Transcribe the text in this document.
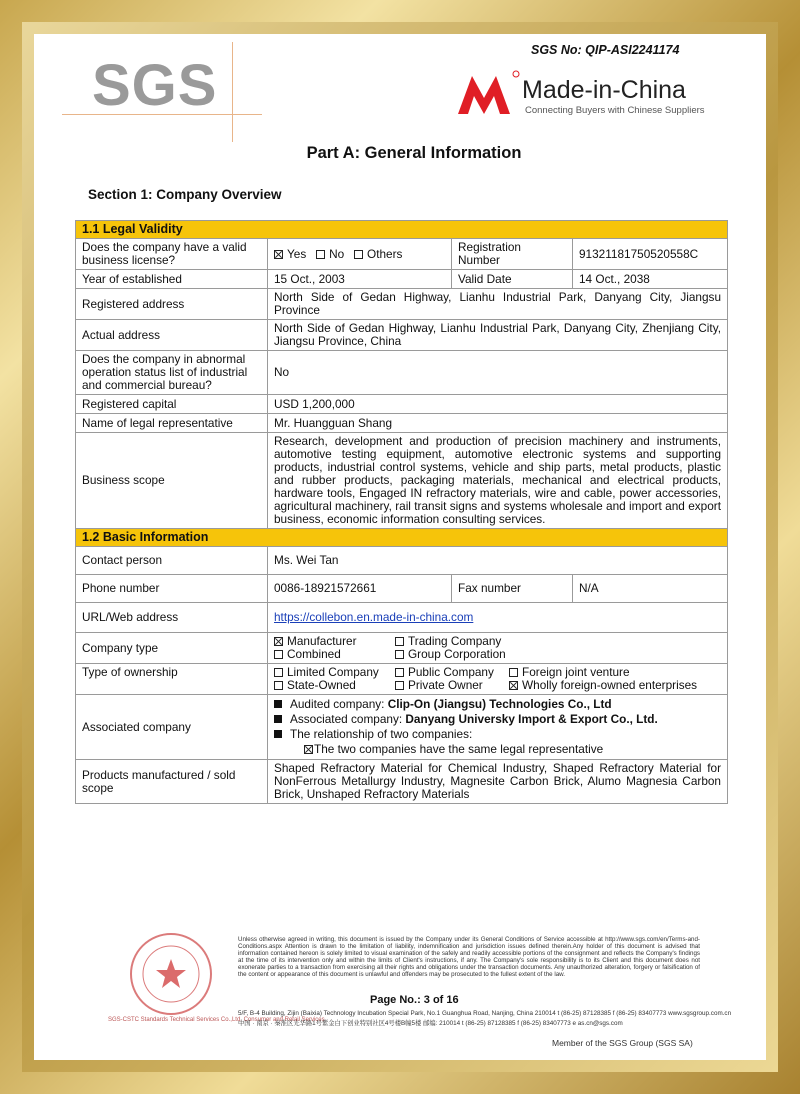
SGS No: QIP-ASI2241174
SGS	Made-in-China
Connecting Buyers with Chinese Suppliers
Part A: General Information
Section 1: Company Overview
1.1 Legal Validity			
Does the company have a valid business license?	Yes No Others	Registration Number	91321181750520558C
Year of established	15 Oct., 2003	Valid Date	14 Oct., 2038
Registered address	North Side of Gedan Highway, Lianhu Industrial Park, Danyang City, Jiangsu Province		
Actual address	North Side of Gedan Highway, Lianhu Industrial Park, Danyang City, Zhenjiang City, Jiangsu Province, China		
Does the company in abnormal operation status list of industrial and commercial bureau?	No		
Registered capital	USD 1,200,000		
Name of legal representative	Mr. Huangguan Shang		
Business scope	Research, development and production of precision machinery and instruments, automotive testing equipment, automotive electronic systems and supporting products, industrial control systems, vehicle and ship parts, metal products, plastic and rubber products, packaging materials, mechanical and electrical products, hardware tools, Engaged IN refractory materials, wire and cable, power accessories, agricultural machinery, rail transit signs and systems wholesale and import and export business, economic information consulting services.		
1.2 Basic Information			
Contact person	Ms. Wei Tan		
Phone number	0086-18921572661	Fax number	N/A
URL/Web address	https://collebon.en.made-in-china.com		
Company type	Manufacturer Trading Company
Combined Group Corporation		

Type of ownership	Limited Company Public Company Foreign joint venture
State-Owned Private Owner Wholly foreign-owned enterprises		

Associated company	Audited company: Clip-On (Jiangsu) Technologies Co., Ltd
Associated company: Danyang Universky Import & Export Co., Ltd.
The relationship of two companies:
The two companies have the same legal representative		

Products manufactured / sold scope	Shaped Refractory Material for Chemical Industry, Shaped Refractory Material for NonFerrous Metallurgy Industry, Magnesite Carbon Brick, Alumo Magnesia Carbon Brick, Unshaped Refractory Materials		
SGS-CSTC Standards Technical Services Co.,Ltd. Consumer and Retail Services
Unless otherwise agreed in writing, this document is issued by the Company under its General Conditions of Service accessible at http://www.sgs.com/en/Terms-and-Conditions.aspx Attention is drawn to the limitation of liability, indemnification and jurisdiction issues defined therein.Any holder of this document is advised that information contained hereon is solely limited to visual examination of the safely and readily accessible portions of the consignment and reflects the Company's findings at the time of its intervention only and within the limits of Client's instructions, if any. The Company's sole responsibility is to its Client and this document does not exonerate parties to a transaction from exercising all their rights and obligations under the transaction documents. Any unauthorized alteration, forgery or falsification of the content or appearance of this document is unlawful and offenders may be prosecuted to the fullest extent of the law.
Page No.: 3 of 16
5/F, B-4 Building, Zijin (Baixia) Technology Incubation Special Park, No.1 Guanghua Road, Nanjing, China 210014 t (86-25) 87128385 f (86-25) 83407773 www.sgsgroup.com.cn
中国 · 南京 · 秦淮区光华路1号紫金白下创业特别社区4号楼B幢5楼 邮编: 210014 t (86-25) 87128385 f (86-25) 83407773 e as.cn@sgs.com
Member of the SGS Group (SGS SA)
